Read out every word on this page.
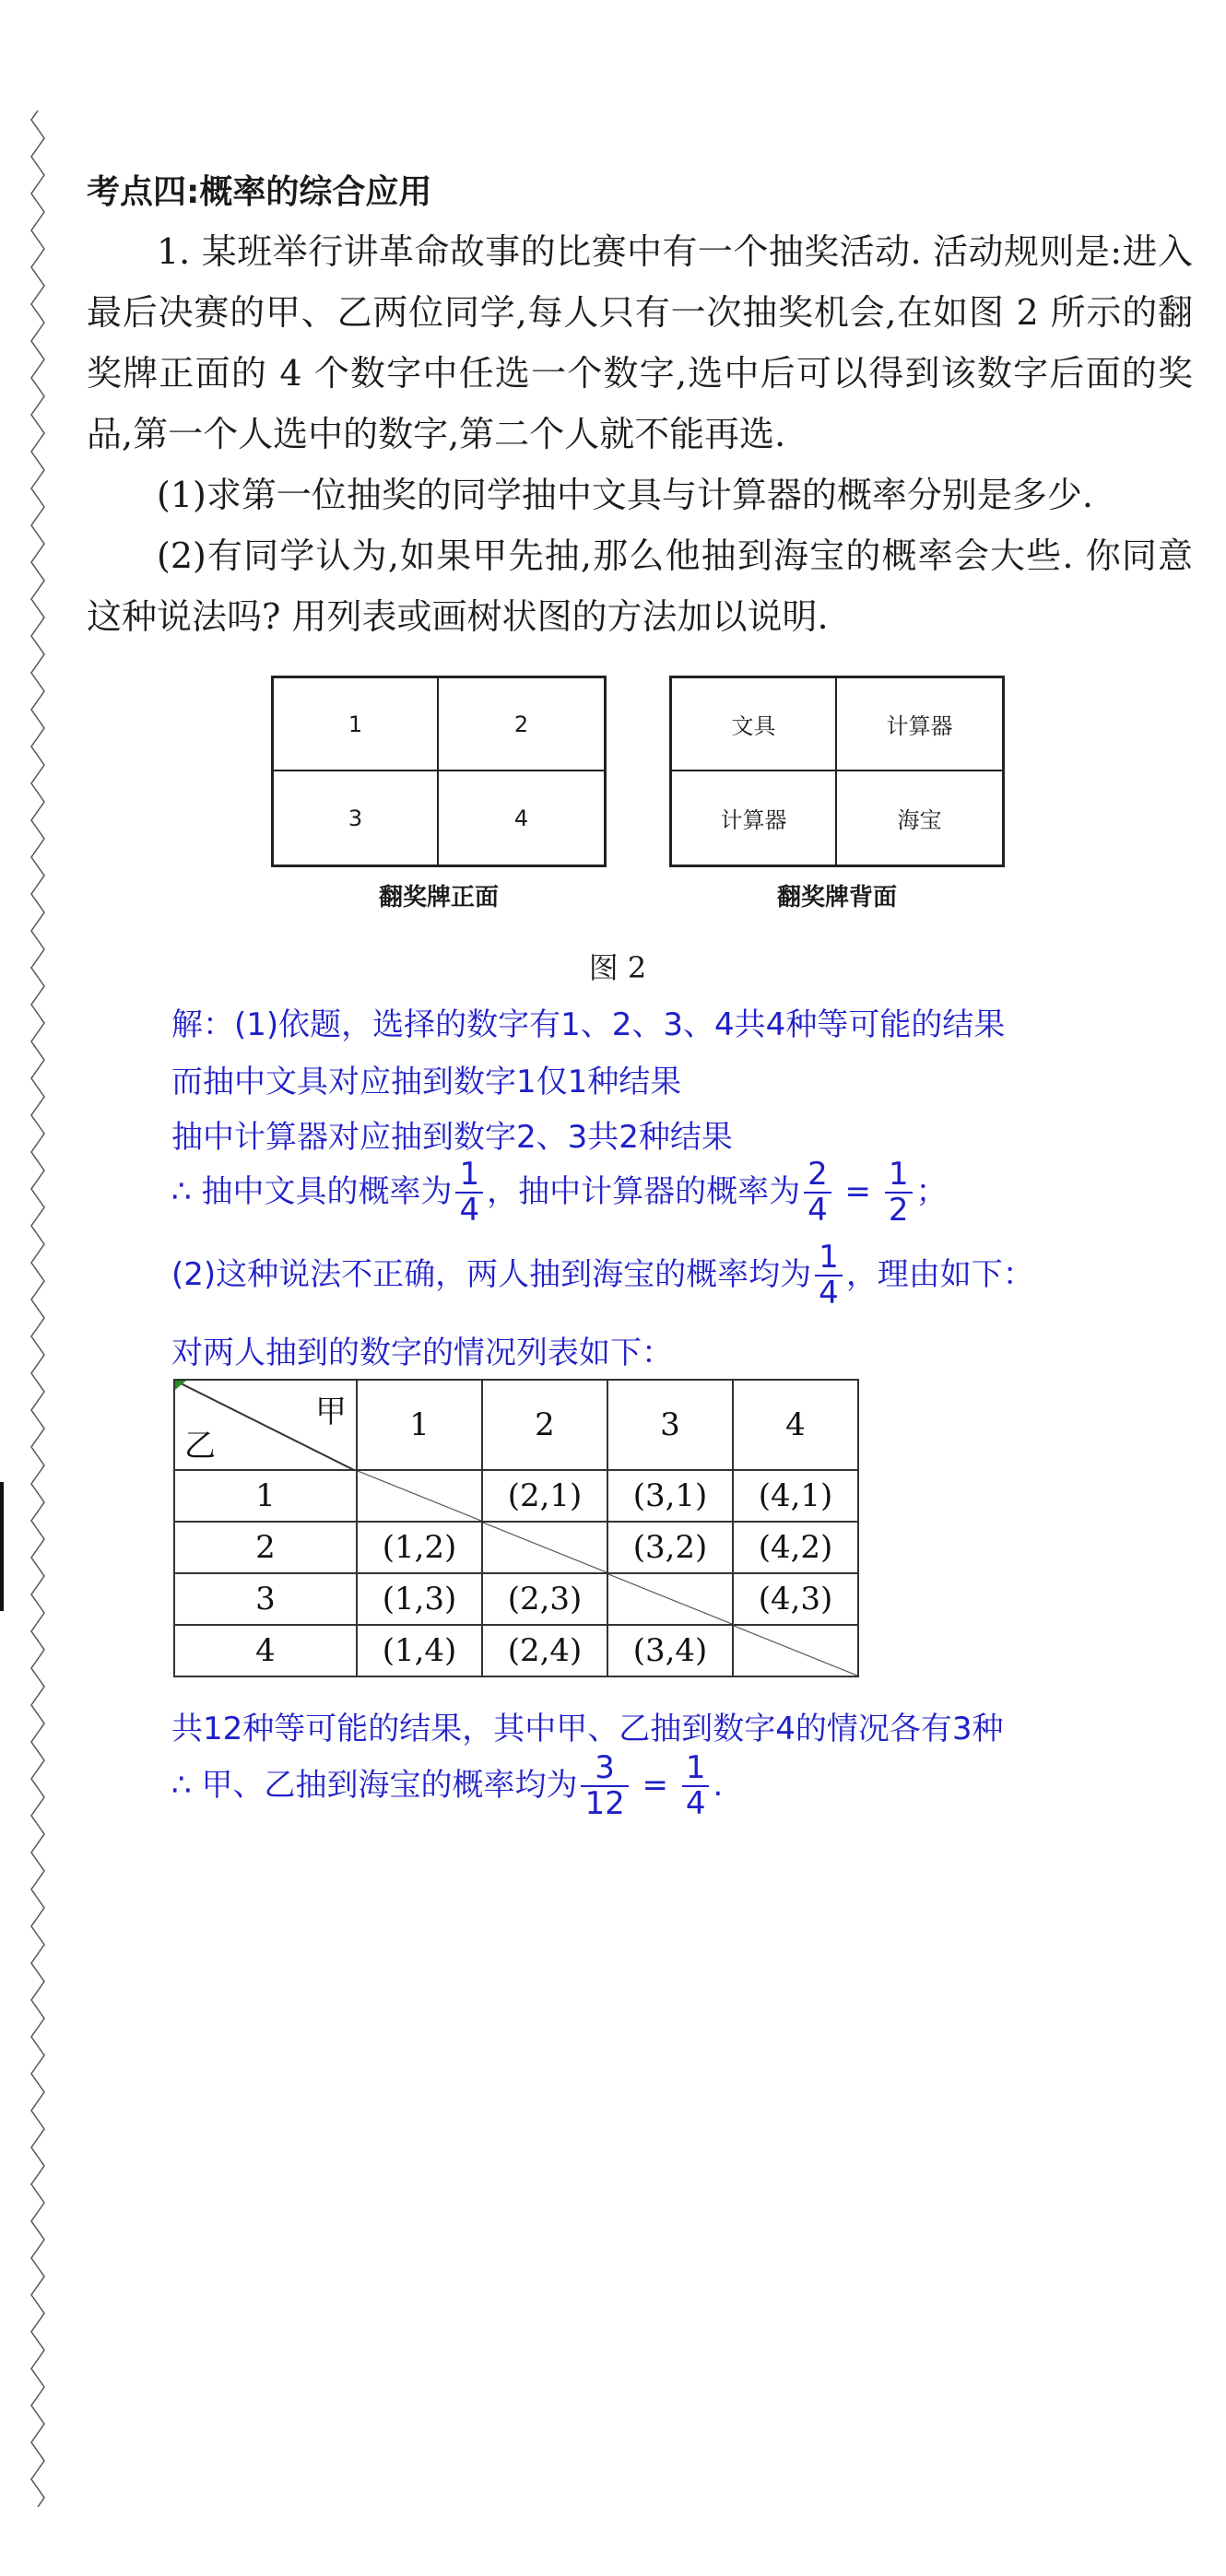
考点四:概率的综合应用

1. 某班举行讲革命故事的比赛中有一个抽奖活动. 活动规则是:进入最后决赛的甲、乙两位同学,每人只有一次抽奖机会,在如图 2 所示的翻奖牌正面的 4 个数字中任选一个数字,选中后可以得到该数字后面的奖品,第一个人选中的数字,第二个人就不能再选.

(1)求第一位抽奖的同学抽中文具与计算器的概率分别是多少.

(2)有同学认为,如果甲先抽,那么他抽到海宝的概率会大些. 你同意这种说法吗? 用列表或画树状图的方法加以说明.

1	2
3	4
翻奖牌正面
文具	计算器
计算器	海宝
翻奖牌背面
图 2
解：(1)依题，选择的数字有1、2、3、4共4种等可能的结果
而抽中文具对应抽到数字1仅1种结果
抽中计算器对应抽到数字2、3共2种结果
∴ 抽中文具的概率为 $\frac{1}{4}$ ，抽中计算器的概率为 $\frac{2}{4} = \frac{1}{2}$ ；
(2)这种说法不正确，两人抽到海宝的概率均为 $\frac{1}{4}$ ，理由如下：
对两人抽到的数字的情况列表如下：
甲
乙	1	2	3	4
1		(2,1)	(3,1)	(4,1)
2	(1,2)		(3,2)	(4,2)
3	(1,3)	(2,3)		(4,3)
4	(1,4)	(2,4)	(3,4)	
共12种等可能的结果，其中甲、乙抽到数字4的情况各有3种
∴ 甲、乙抽到海宝的概率均为 $\frac{3}{12} = \frac{1}{4}$ .
